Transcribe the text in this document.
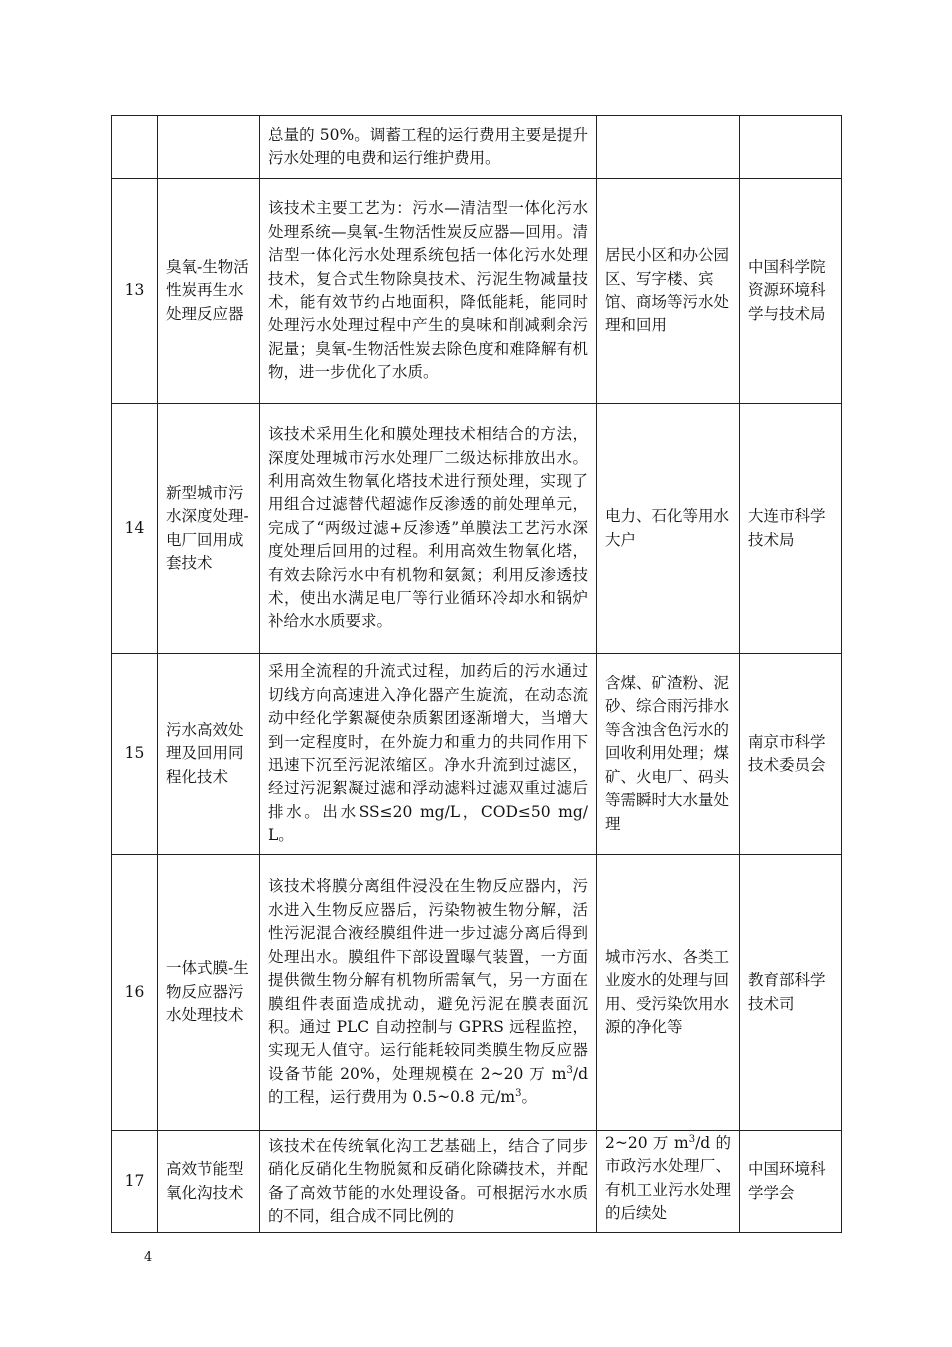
		总量的 50%。调蓄工程的运行费用主要是提升污水处理的电费和运行维护费用。		
13	臭氧-生物活性炭再生水处理反应器	该技术主要工艺为：污水—清洁型一体化污水处理系统—臭氧-生物活性炭反应器—回用。清洁型一体化污水处理系统包括一体化污水处理技术，复合式生物除臭技术、污泥生物减量技术，能有效节约占地面积，降低能耗，能同时处理污水处理过程中产生的臭味和削减剩余污泥量；臭氧-生物活性炭去除色度和难降解有机物，进一步优化了水质。	居民小区和办公园区、写字楼、宾馆、商场等污水处理和回用	中国科学院资源环境科学与技术局
14	新型城市污水深度处理-电厂回用成套技术	该技术采用生化和膜处理技术相结合的方法，深度处理城市污水处理厂二级达标排放出水。利用高效生物氧化塔技术进行预处理，实现了用组合过滤替代超滤作反渗透的前处理单元，完成了“两级过滤+反渗透”单膜法工艺污水深度处理后回用的过程。利用高效生物氧化塔，有效去除污水中有机物和氨氮；利用反渗透技术，使出水满足电厂等行业循环冷却水和锅炉补给水水质要求。	电力、石化等用水大户	大连市科学技术局
15	污水高效处理及回用同程化技术	采用全流程的升流式过程，加药后的污水通过切线方向高速进入净化器产生旋流，在动态流动中经化学絮凝使杂质絮团逐渐增大，当增大到一定程度时，在外旋力和重力的共同作用下迅速下沉至污泥浓缩区。净水升流到过滤区，经过污泥絮凝过滤和浮动滤料过滤双重过滤后排水。出水SS≤20 mg/L，COD≤50 mg/L。	含煤、矿渣粉、泥砂、综合雨污排水等含浊含色污水的回收利用处理；煤矿、火电厂、码头等需瞬时大水量处理	南京市科学技术委员会
16	一体式膜-生物反应器污水处理技术	该技术将膜分离组件浸没在生物反应器内，污水进入生物反应器后，污染物被生物分解，活性污泥混合液经膜组件进一步过滤分离后得到处理出水。膜组件下部设置曝气装置，一方面提供微生物分解有机物所需氧气，另一方面在膜组件表面造成扰动，避免污泥在膜表面沉积。通过 PLC 自动控制与 GPRS 远程监控，实现无人值守。运行能耗较同类膜生物反应器设备节能 20%，处理规模在 2~20 万 $m^3/d$ 的工程，运行费用为 0.5~0.8 元$/m^3$。	城市污水、各类工业废水的处理与回用、受污染饮用水源的净化等	教育部科学技术司
17	高效节能型氧化沟技术	该技术在传统氧化沟工艺基础上，结合了同步硝化反硝化生物脱氮和反硝化除磷技术，并配备了高效节能的水处理设备。可根据污水水质的不同，组合成不同比例的	2~20 万 $m^3/d$ 的市政污水处理厂、有机工业污水处理的后续处	中国环境科学学会
4
